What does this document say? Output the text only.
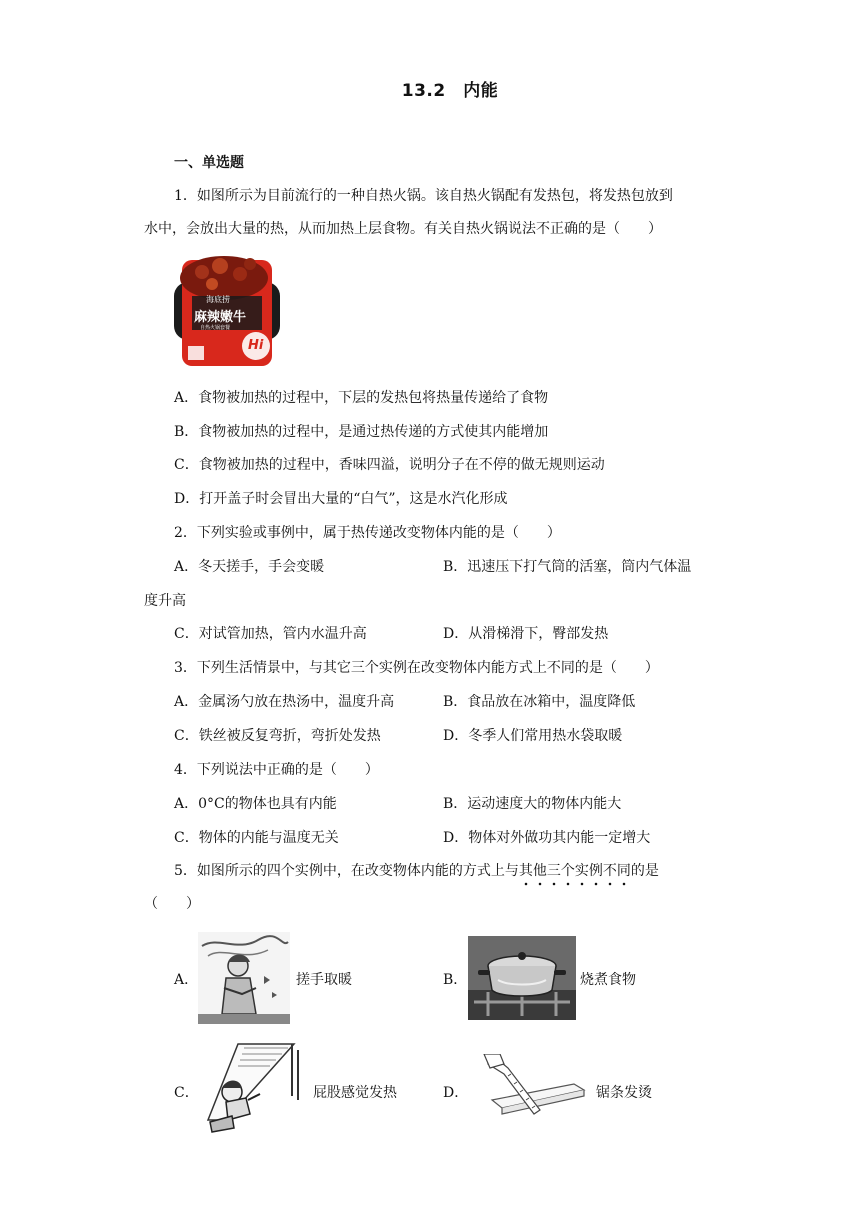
13.2　内能
一、单选题
1．如图所示为目前流行的一种自热火锅。该自热火锅配有发热包，将发热包放到
水中，会放出大量的热，从而加热上层食物。有关自热火锅说法不正确的是（　　）
海底捞
麻辣嫩牛
自热火锅套餐
Hi
A．食物被加热的过程中，下层的发热包将热量传递给了食物
B．食物被加热的过程中，是通过热传递的方式使其内能增加
C．食物被加热的过程中，香味四溢，说明分子在不停的做无规则运动
D．打开盖子时会冒出大量的“白气”，这是水汽化形成
2．下列实验或事例中，属于热传递改变物体内能的是（　　）
A．冬天搓手，手会变暖	B．迅速压下打气筒的活塞，筒内气体温
度升高
C．对试管加热，管内水温升高	D．从滑梯滑下，臀部发热
3．下列生活情景中，与其它三个实例在改变物体内能方式上不同的是（　　）
A．金属汤勺放在热汤中，温度升高	B．食品放在冰箱中，温度降低
C．铁丝被反复弯折，弯折处发热	D．冬季人们常用热水袋取暖
4．下列说法中正确的是（　　）
A．0°C的物体也具有内能	B．运动速度大的物体内能大
C．物体的内能与温度无关	D．物体对外做功其内能一定增大
5．如图所示的四个实例中，在改变物体内能的方式上与其他三个实例不同
的是
（　　）
A．	搓手取暖	B．	烧煮食物
C．	屁股感觉发热	D．	锯条发烫
